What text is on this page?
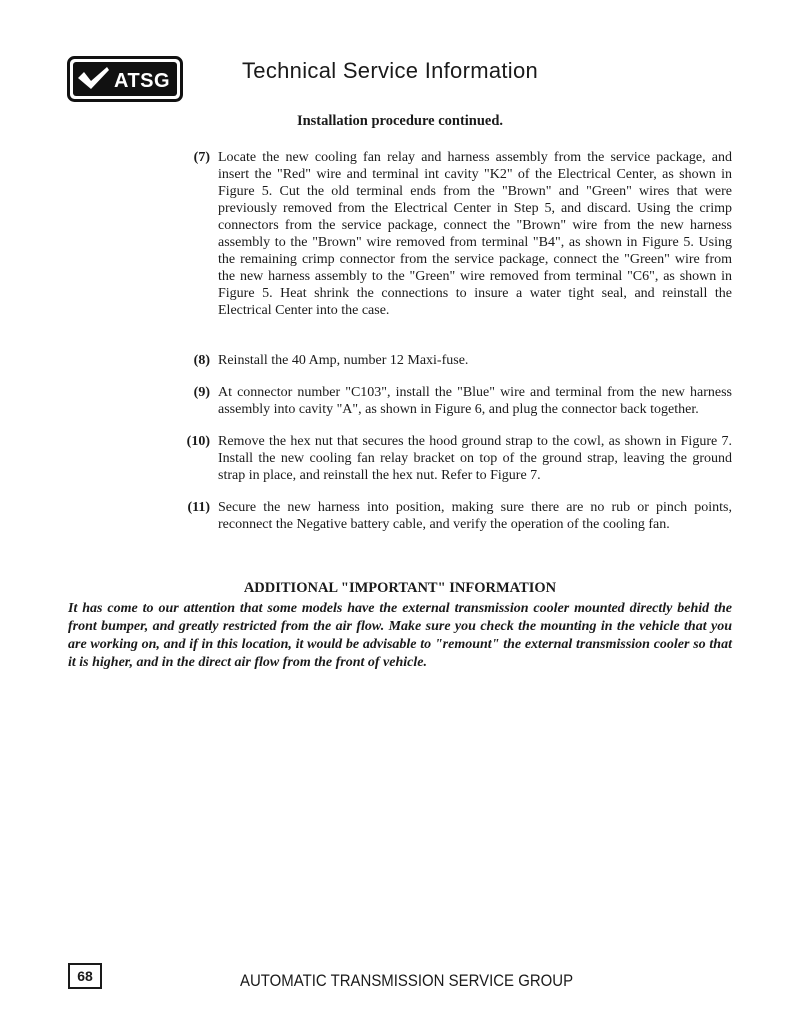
ATSG	Technical Service Information
Installation procedure continued.
(7) Locate the new cooling fan relay and harness assembly from the service package, and insert the "Red" wire and terminal int cavity "K2" of the Electrical Center, as shown in Figure 5. Cut the old terminal ends from the "Brown" and "Green" wires that were previously removed from the Electrical Center in Step 5, and discard. Using the crimp connectors from the service package, connect the "Brown" wire from the new harness assembly to the "Brown" wire removed from terminal "B4", as shown in Figure 5. Using the remaining crimp connector from the service package, connect the "Green" wire from the new harness assembly to the "Green" wire removed from terminal "C6", as shown in Figure 5. Heat shrink the connections to insure a water tight seal, and reinstall the Electrical Center into the case.
(8) Reinstall the 40 Amp, number 12 Maxi-fuse.
(9) At connector number "C103", install the "Blue" wire and terminal from the new harness assembly into cavity "A", as shown in Figure 6, and plug the connector back together.
(10) Remove the hex nut that secures the hood ground strap to the cowl, as shown in Figure 7. Install the new cooling fan relay bracket on top of the ground strap, leaving the ground strap in place, and reinstall the hex nut. Refer to Figure 7.
(11) Secure the new harness into position, making sure there are no rub or pinch points, reconnect the Negative battery cable, and verify the operation of the cooling fan.
ADDITIONAL "IMPORTANT" INFORMATION
It has come to our attention that some models have the external transmission cooler mounted directly behid the front bumper, and greatly restricted from the air flow. Make sure you check the mounting in the vehicle that you are working on, and if in this location, it would be advisable to "remount" the external transmission cooler so that it is higher, and in the direct air flow from the front of vehicle.
68	AUTOMATIC TRANSMISSION SERVICE GROUP
